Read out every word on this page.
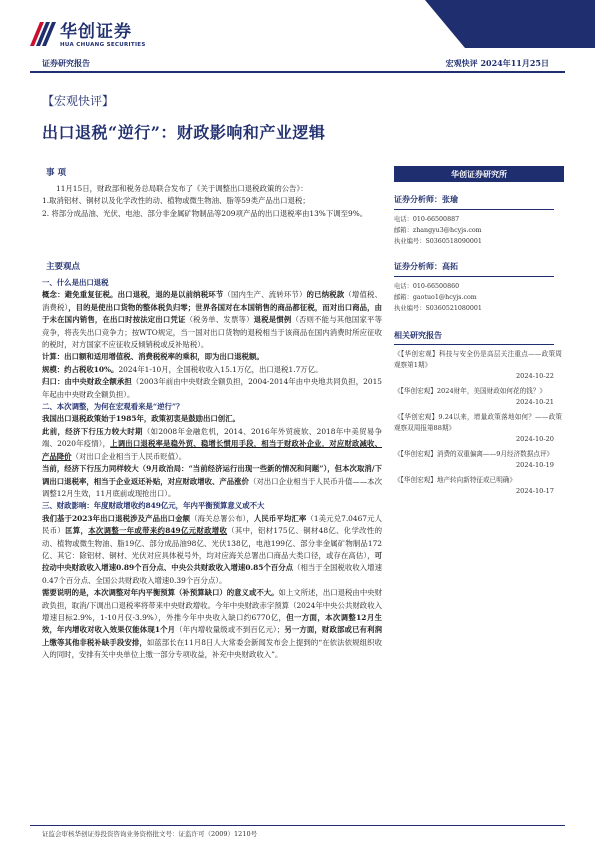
华创证券
HUA CHUANG SECURITIES
证券研究报告	宏观快评 2024年11月25日
【宏观快评】
出口退税“逆行”：财政影响和产业逻辑
事 项

11月15日，财政部和税务总局联合发布了《关于调整出口退税政策的公告》：

1.取消铝材、铜材以及化学改性的动、植物或微生物油、脂等59类产品出口退税；

2. 将部分成品油、光伏、电池、部分非金属矿物制品等209项产品的出口退税率由13%下调至9%。

主要观点

一、什么是出口退税

概念：避免重复征税。出口退税，退的是以前纳税环节（国内生产、流转环节）的已纳税款（增值税、消费税），目的是使出口货物的整体税负归零；世界各国对在本国销售的商品都征税，而对出口商品，由于未在国内销售，在出口时按法定出口凭证（税务单、发票等）退税是惯例（否则不能与其他国家平等竞争，将丧失出口竞争力；按WTO规定，当一国对出口货物的退税相当于该商品在国内消费时所应征收的税时，对方国家不应征收反倾销税或反补贴税）。

计算：出口额和适用增值税、消费税税率的乘积，即为出口退税额。

规模：约占税收10%。2024年1-10月，全国税收收入15.1万亿，出口退税1.7万亿。

归口：由中央财政全额承担（2003年前由中央财政全额负担，2004-2014年由中央地共同负担，2015年起由中央财政全额负担）。

二、本次调整，为何在宏观看来是“逆行”？

我国出口退税政策始于1985年，政策初衷是鼓励出口创汇。

此前，经济下行压力较大时期（如2008年金融危机，2014、2016年外贸疲软、2018年中美贸易争端、2020年疫情），上调出口退税率是稳外贸、稳增长惯用手段，相当于财政补企业，对应财政减收、产品降价（对出口企业相当于人民币贬值）。

当前，经济下行压力同样较大（9月政治局：“当前经济运行出现一些新的情况和问题”），但本次取消/下调出口退税率，相当于企业返还补贴，对应财政增收、产品涨价（对出口企业相当于人民币升值——本次调整12月生效，11月底前或现抢出口）。

三、财政影响：年度财政增收约849亿元，年内平衡预算意义或不大

我们基于2023年出口退税涉及产品出口金额（海关总署公布），人民币平均汇率（1美元兑7.0467元人民币）匡算，本次调整一年或带来约849亿元财政增收（其中，铝材175亿、铜材48亿、化学改性的动、植物或微生物油、脂19亿、部分成品油98亿、光伏138亿，电池199亿、部分非金属矿物制品172亿、其它：除铝材、铜材、光伏对应具体税号外，均对应海关总署出口商品大类口径，或存在高估），可拉动中央财政收入增速0.89个百分点、中央公共财政收入增速0.85个百分点（相当于全国税收收入增速0.47个百分点、全国公共财政收入增速0.39个百分点）。

需要说明的是，本次调整对年内平衡预算（补预算缺口）的意义或不大。如上文所述，出口退税由中央财政负担，取消/下调出口退税率将带来中央财政增收。今年中央财政赤字预算（2024年中央公共财政收入增速目标2.9%，1-10月仅-3.9%），外推今年中央收入缺口约6770亿，但一方面，本次调整12月生效，年内增收对收入效果仅能体现1个月（年内增收量级或不到百亿元）；另一方面，财政部或已有利润上缴等其他非税补缺手段安排，如蓝部长在11月8日人大常委会新闻发布会上提到的“在依法依规组织收入的同时，安排有关中央单位上缴一部分专项收益，补充中央财政收入”。

华创证券研究所
证券分析师：张瑜
电话：010-66500887
邮箱：zhangyu3@hcyjs.com
执业编号：S0360518090001
证券分析师：高拓
电话：010-66500860
邮箱：gaotuo1@hcyjs.com
执业编号：S0360521080001
相关研究报告
《【华创宏观】科技与安全仍是高层关注重点——政策周观察第1期》
2024-10-22
《【华创宏观】2024财年，美国财政如何花的钱？》
2024-10-21
《【华创宏观】9.24以来，增量政策落地如何？——政策观察双周报第88期》
2024-10-20
《【华创宏观】消费的双重偏离——9月经济数据点评》
2024-10-19
《【华创宏观】地产转向新特征或已明确》
2024-10-17
证监会审核华创证券投资咨询业务资格批文号：证监许可（2009）1210号
